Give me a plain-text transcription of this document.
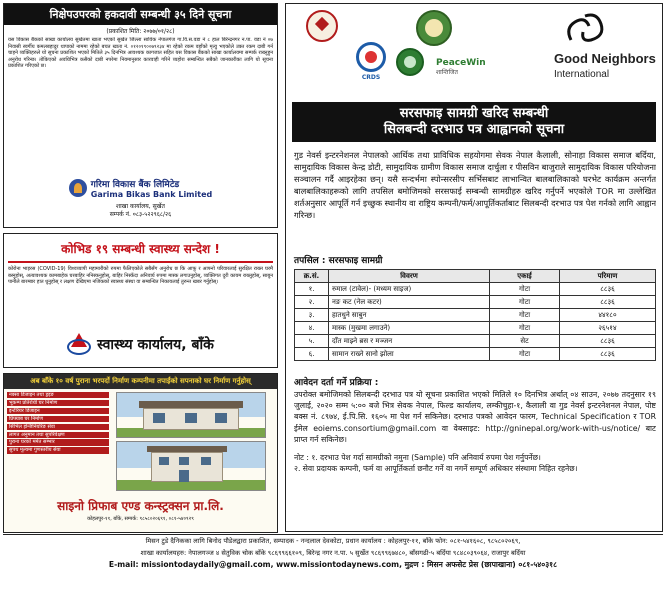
निक्षेपउपरको हकदावी सम्बन्धी ३५ दिने सूचना
(प्रकाशित मिति: २०७७/०१/२८)
यस विकास बैंकको साखा कार्यालय सुर्खेतमा खाता भएको सुर्खेत जिल्ला साविक नेपालगंज गा.वि.स.वडा नं ८ हाल बिरेन्द्रनगर न.पा. वडा नं ०७ निवासी स्वर्गीय कमलबहादुर थापाको नाममा रहेको बचत खाता नं. ०१२०१९००७९२३४ मा रहेको रकम वहाँको मृत्यु भएकोले उक्त रकम दाबी गर्न चाहने व्यक्तिहरुले यो सूचना प्रकाशित भएको मितिले ३५ दिनभित्र आवश्यक कागजात सहित यस विकास बैंकको साखा कार्यालयमा सम्पर्क राख्नुहुन अनुरोध गरिन्छ। तोकिएको अवधिभित्र कसैको दाबी नपरेमा नियमानुसार कारवाही गरिने व्यहोरा सम्बन्धित सबैको जानकारीका लागि यो सूचना प्रकाशित गरिएको छ।
गरिमा विकास बैंक लिमिटेड
Garima Bikas Bank Limited
शाखा कार्यालय, सुर्खेत
सम्पर्क नं. ०८३-५२२९६८/२६
कोभिड १९ सम्बन्धी स्वास्थ्य सन्देश !
कोरोना भाइरस (COVID-19) विश्वव्यापी महामारीको रुपमा फैलिएकोले सबैसँग अनुरोध छ कि आफू र आफ्नो परिवारलाई सुरक्षित राख्न घरमै बस्नुहोस्, अत्यावश्यक कामबाहेक घरबाहिर ननिस्कनुहोस्, बाहिर निस्कँदा अनिवार्य रुपमा मास्क लगाउनुहोस्, व्यक्तिगत दुरी कायम राख्नुहोस्, साबुन पानीले बारम्बार हात धुनुहोस् र लक्षण देखिएमा नजिकको स्वास्थ्य संस्था वा सम्बन्धित निकायलाई तुरुन्त खबर गर्नुहोस्।
स्वास्थ्य कार्यालय, बाँके
अब बाँके १० वर्ष पुराना भरपर्दो निर्माण कम्पनीमा तपाईंको सपनाको घर निर्माण गर्नुहोस्
नक्सा डिजाइन तथा ड्रइङ
भूकम्प प्रतिरोधी घर निर्माण
इन्टेरियर डिजाइन
प्रिफ्याब घर निर्माण
सिभिल इन्जिनियरिङ सेवा
लागत अनुमान तथा सुपरिवेक्षण
पुराना घरको मर्मत सम्भार
सुपथ मूल्यमा गुणस्तरीय सेवा
साइनो प्रिफाब एण्ड कन्स्ट्रक्सन प्रा.लि.
कोहलपुर-११, बाँके, सम्पर्क: ९८५८०२०६९१, ०८१-५४०९२९
CRDS
PeaceWin
शान्तिजित
Good Neighbors
International
सरसफाइ सामग्री खरिद सम्बन्धी
सिलबन्दी दरभाउ पत्र आह्वानको सूचना
गुड नेवर्स इन्टरनेशनल नेपालको आर्थिक तथा प्राविधिक सहयोगमा सेवक नेपाल कैलाली, सोनाहा विकास समाज बर्दिया, सामुदायिक विकास केन्द्र डोटी, सामुदायिक ग्रामीण विकास समाज दार्चुला र पीसविन बाजुराले सामुदायिक विकास परियोजना सञ्चालन गर्दै आइरहेका छन्। यसै सन्दर्भमा स्पोन्सरसीप सर्भिसबाट लाभान्वित बालबालिकाको घरभेट कार्यक्रम अन्तर्गत बालबालिकाहरूको लागि तपसिल बमोजिमको सरसफाई सम्बन्धी सामग्रीहरु खरिद गर्नुपर्ने भएकोले TOR मा उल्लेखित शर्तअनुसार आपूर्ति गर्न इच्छुक स्थानीय वा राष्ट्रिय कम्पनी/फर्म/आपूर्तिकर्ताबाट सिलबन्दी दरभाउ पत्र पेश गर्नको लागि आह्वान गरिन्छ।
तपसिल : सरसफाइ सामग्री
क्र.सं.	विवरण	एकाई	परिमाण
१.	रुमाल (टावेल)- (मध्यम साइज)	गोटा	८८३६
२.	नङ कट (नेल कटर)	गोटा	८८३६
३.	हातधुने साबुन	गोटा	४४१८०
४.	मास्क (मुखमा लगाउने)	गोटा	२६५१४
५.	दाँत माझ्ने ब्रस र मञ्जन	सेट	८८३६
६.	सामान राख्ने सानो झोला	गोटा	८८३६
आवेदन दर्ता गर्ने प्रक्रिया :
उपरोक्त बमोजिमको सिलबन्दी दरभाउ पत्र यो सूचना प्रकाशित भएको मितिले १० दिनभित्र अर्थात् ०४ साउन, २०७७ तदनुसार १९ जुलाई, २०२० सम्म ५:०० बजे भित्र सेवक नेपाल, फिल्ड कार्यालय, लम्कीचुहा-१, कैलाली वा गुड नेवर्स इन्टरनेशनल नेपाल, पोष्ट बक्स नं. ८९७४, ई.पि.सि. १६०५ मा पेश गर्न सकिनेछ। दरभाउ पत्रको आवेदन फारम, Technical Specification र TOR ईमेल eoiems.consortium@gmail.com वा वेबसाइट: http://gninepal.org/work-with-us/notice/ बाट प्राप्त गर्न सकिनेछ।
नोट : १. दरभाउ पेश गर्दा सामग्रीको नमुना (Sample) पनि अनिवार्य रुपमा पेश गर्नुपर्नेछ।
२. सेवा प्रदायक कम्पनी, फर्म वा आपूर्तिकर्ता छनौट गर्ने वा नगर्ने सम्पूर्ण अधिकार संस्थामा निहित रहनेछ।
मिसन टुडे दैनिकका लागि बिनोद पौडेलद्वारा प्रकाशित, सम्पादक - नन्दलाल देवकोटा, प्रधान कार्यालय : कोहलपुर-११, बाँके फोन: ०८१-५४१६०८, ९८५८०२०६९,
शाखा कार्यालयहरु: नेपालगञ्ज ४ सेतुविक चोक बाँके ९८६९९६६१०९, बिरेन्द्र नगर न.पा. ५ सुर्खेत ९८६९९६७४८०, बाँसगढी-५ बर्दिया ९८४८०३९०६४, राजापुर बर्दिया
E-mail: missiontodaydaily@gmail.com, www.missiontodaynews.com, मुद्रण : मिसन अफसेट प्रेस (छापाखाना) ०८१-५४०३१८
